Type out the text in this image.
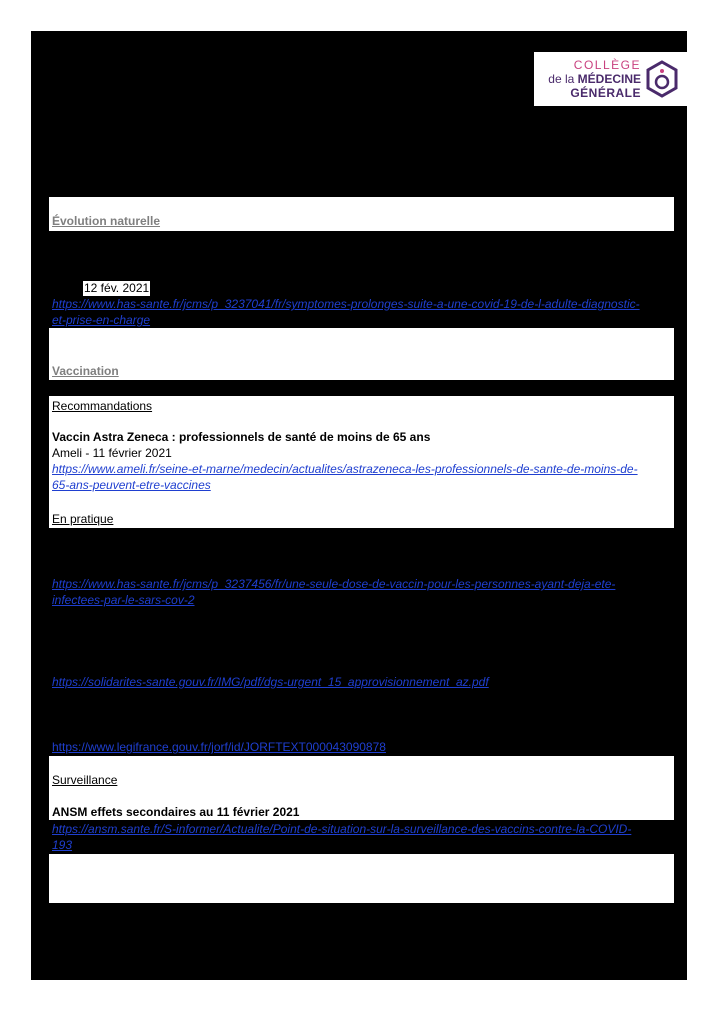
COLLÈGE
de la MÉDECINE
GÉNÉRALE
Évolution naturelle
12 fév. 2021
https://www.has-sante.fr/jcms/p_3237041/fr/symptomes-prolonges-suite-a-une-covid-19-de-l-adulte-diagnostic-
et-prise-en-charge
Vaccination
Recommandations
Vaccin Astra Zeneca : professionnels de santé de moins de 65 ans
Ameli - 11 février 2021
https://www.ameli.fr/seine-et-marne/medecin/actualites/astrazeneca-les-professionnels-de-sante-de-moins-de-
65-ans-peuvent-etre-vaccines
En pratique
https://www.has-sante.fr/jcms/p_3237456/fr/une-seule-dose-de-vaccin-pour-les-personnes-ayant-deja-ete-
infectees-par-le-sars-cov-2
https://solidarites-sante.gouv.fr/IMG/pdf/dgs-urgent_15_approvisionnement_az.pdf
https://www.legifrance.gouv.fr/jorf/id/JORFTEXT000043090878
Surveillance
ANSM effets secondaires au 11 février 2021
https://ansm.sante.fr/S-informer/Actualite/Point-de-situation-sur-la-surveillance-des-vaccins-contre-la-COVID-
193
